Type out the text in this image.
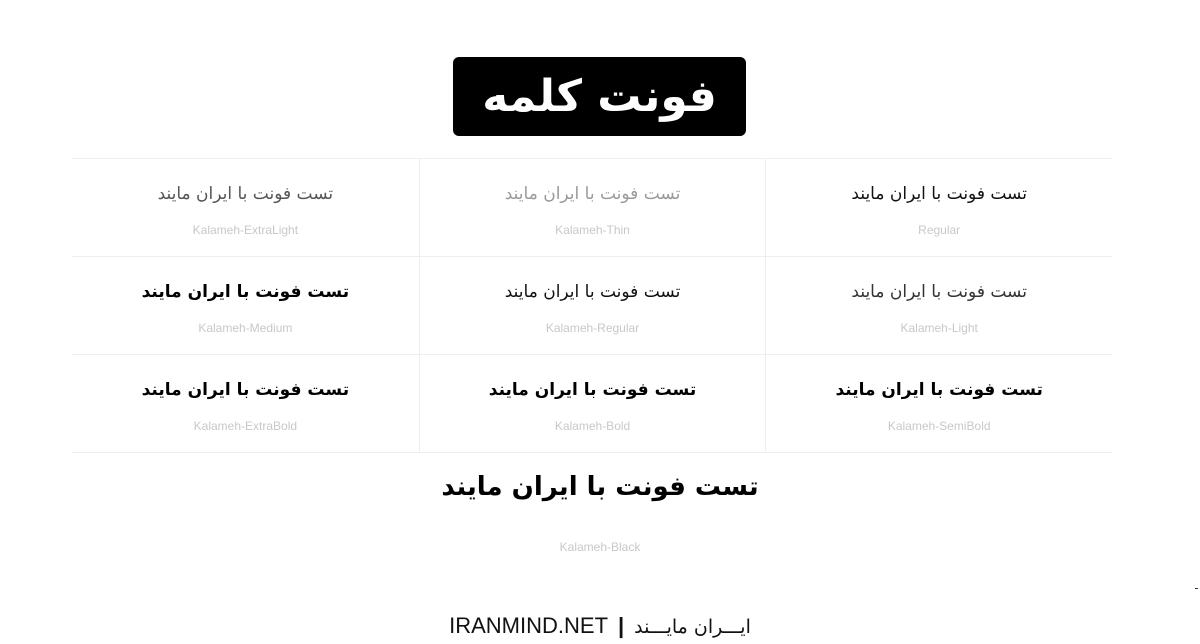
فونت کلمه
تست فونت با ایران مایند
Regular
تست فونت با ایران مایند
Kalameh-Thin
تست فونت با ایران مایند
Kalameh-ExtraLight
تست فونت با ایران مایند
Kalameh-Light
تست فونت با ایران مایند
Kalameh-Regular
تست فونت با ایران مایند
Kalameh-Medium
تست فونت با ایران مایند
Kalameh-SemiBold
تست فونت با ایران مایند
Kalameh-Bold
تست فونت با ایران مایند
Kalameh-ExtraBold
تست فونت با ایران مایند
Kalameh-Black
IRANMIND.NET | ایـــران مایـــند
